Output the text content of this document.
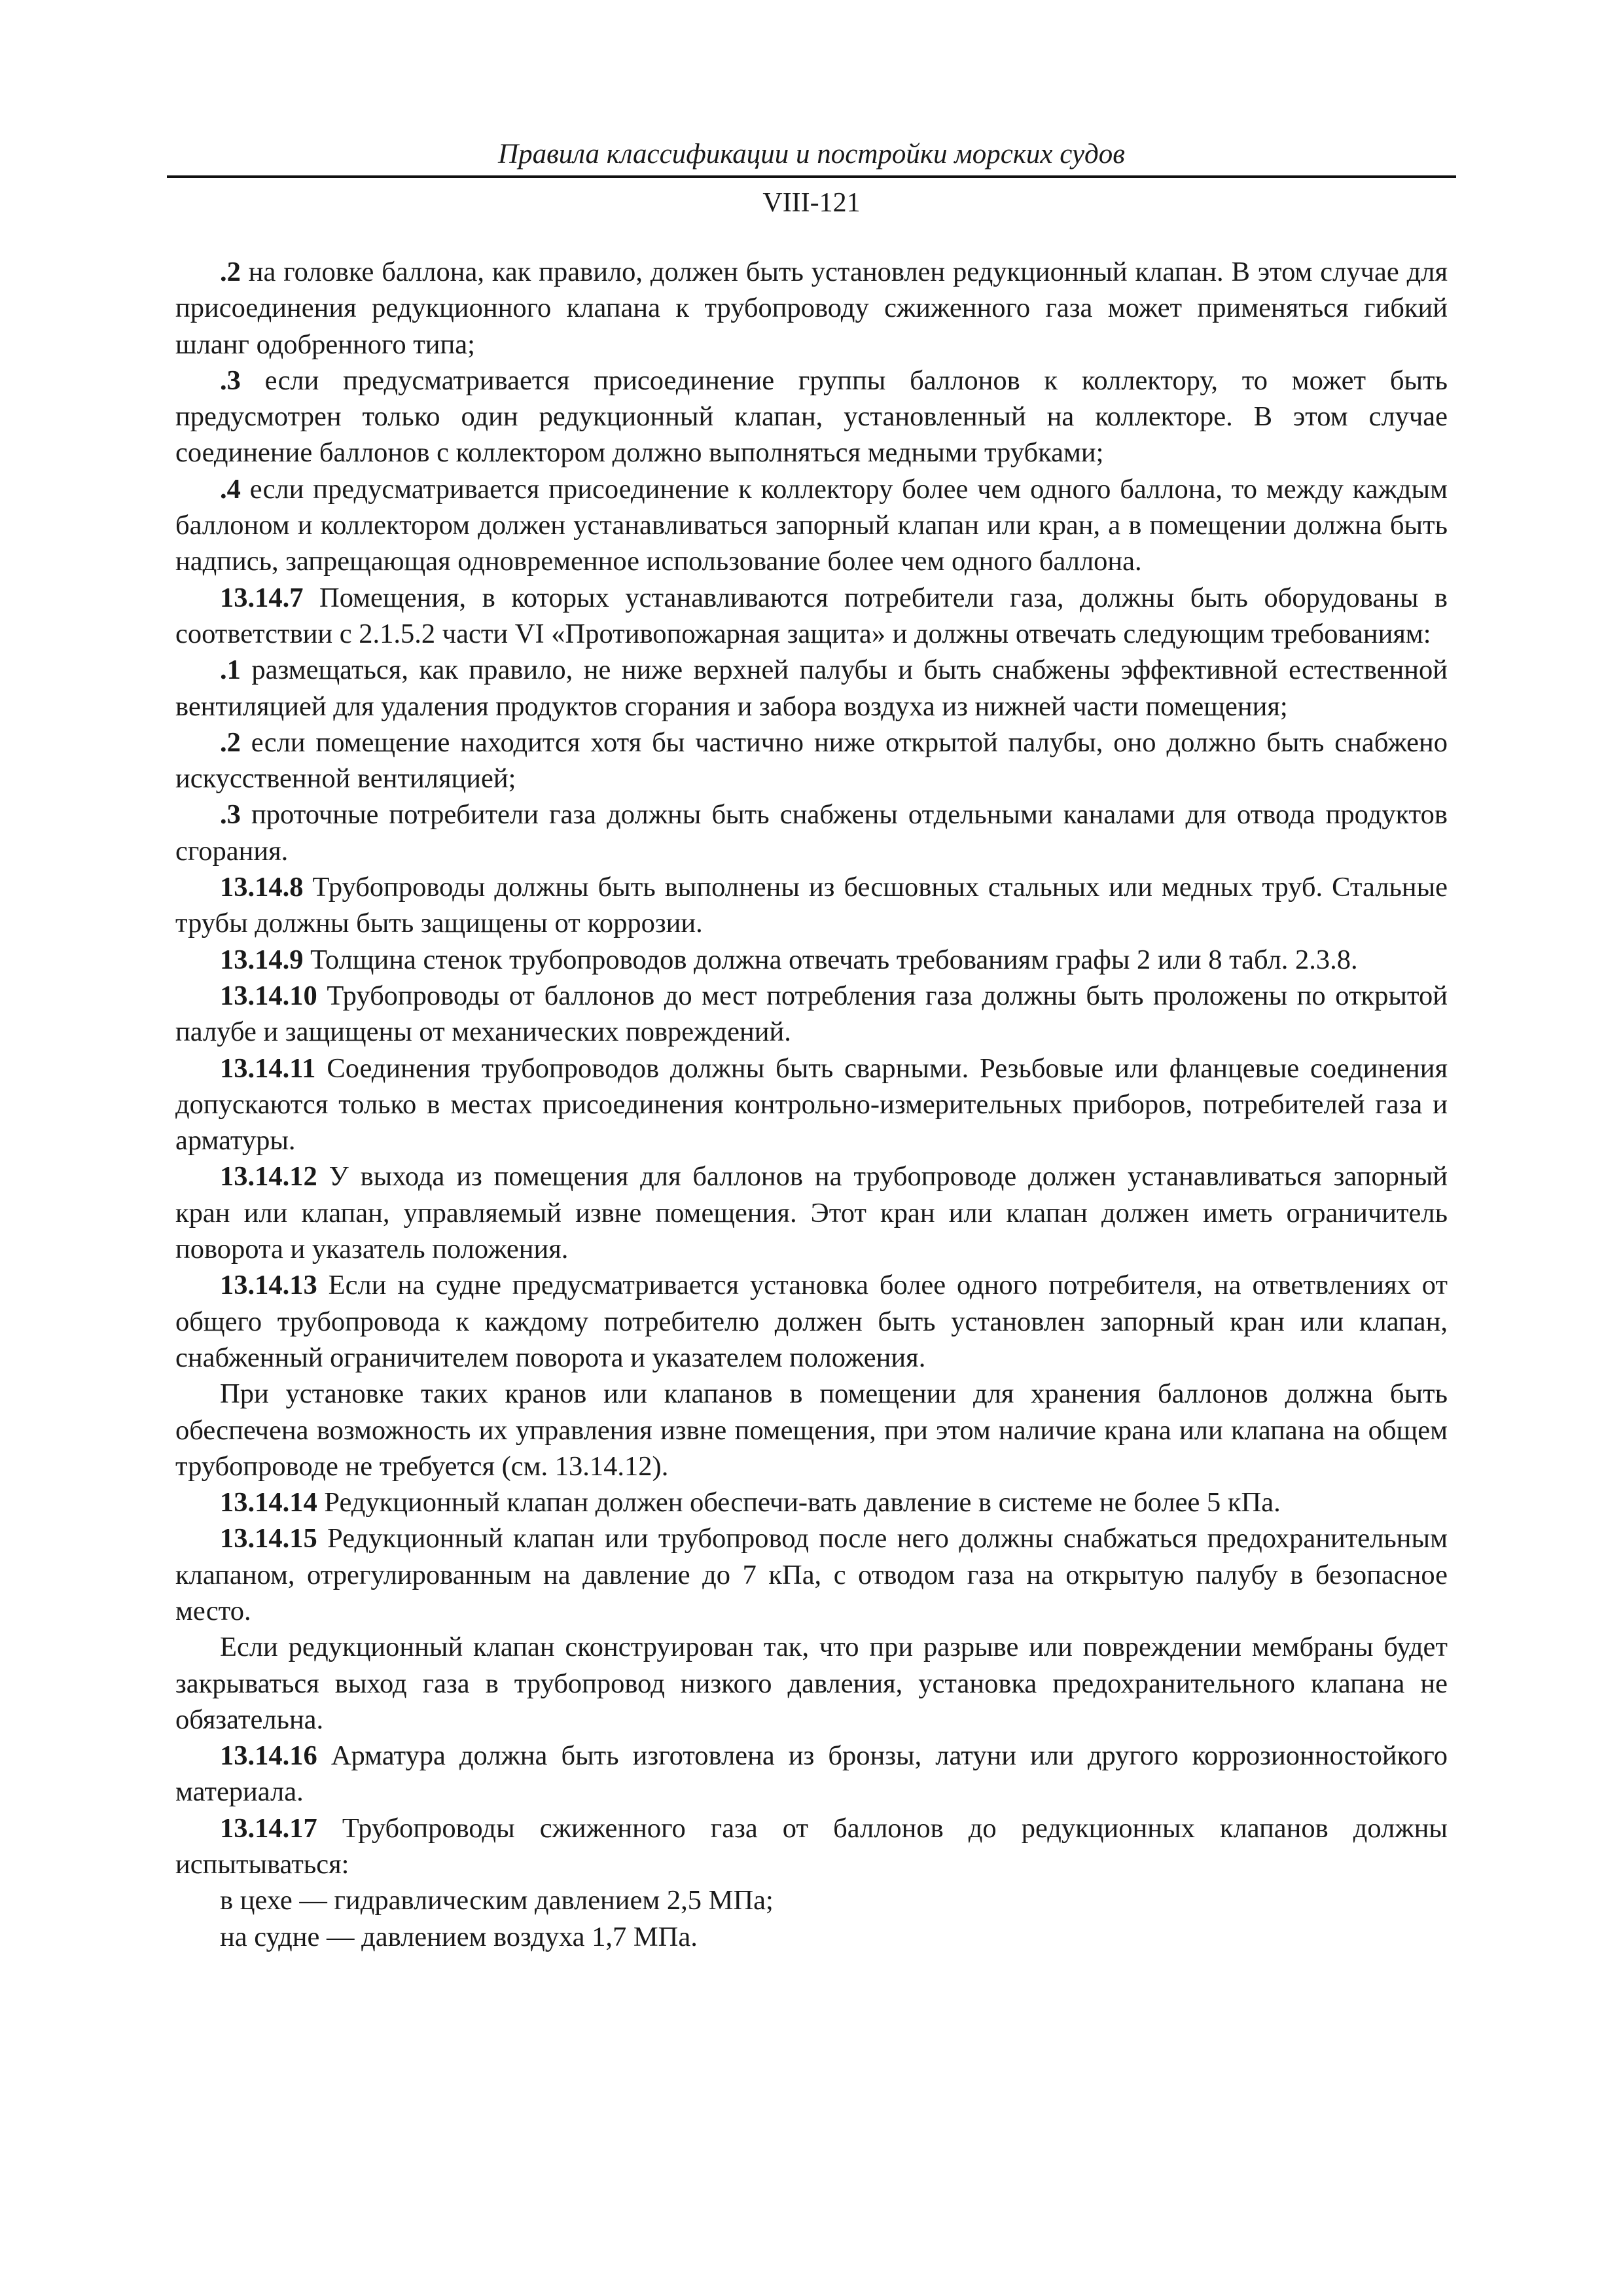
Правила классификации и постройки морских судов
VIII-121

.2 на головке баллона, как правило, должен быть установлен редукционный клапан. В этом случае для присоединения редукционного клапана к трубопроводу сжиженного газа может применяться гибкий шланг одобренного типа;

.3 если предусматривается присоединение группы баллонов к коллектору, то может быть предусмотрен только один редукционный клапан, установленный на коллекторе. В этом случае соединение баллонов с коллектором должно выполняться медными трубками;

.4 если предусматривается присоединение к коллектору более чем одного баллона, то между каждым баллоном и коллектором должен устанавливаться запорный клапан или кран, а в помещении должна быть надпись, запрещающая одновременное использование более чем одного баллона.

13.14.7 Помещения, в которых устанавливаются потребители газа, должны быть оборудованы в соответствии с 2.1.5.2 части VI «Противопожарная защита» и должны отвечать следующим требованиям:

.1 размещаться, как правило, не ниже верхней палубы и быть снабжены эффективной естественной вентиляцией для удаления продуктов сгорания и забора воздуха из нижней части помещения;

.2 если помещение находится хотя бы частично ниже открытой палубы, оно должно быть снабжено искусственной вентиляцией;

.3 проточные потребители газа должны быть снабжены отдельными каналами для отвода продуктов сгорания.

13.14.8 Трубопроводы должны быть выполнены из бесшовных стальных или медных труб. Стальные трубы должны быть защищены от коррозии.

13.14.9 Толщина стенок трубопроводов должна отвечать требованиям графы 2 или 8 табл. 2.3.8.

13.14.10 Трубопроводы от баллонов до мест потребления газа должны быть проложены по открытой палубе и защищены от механических повреждений.

13.14.11 Соединения трубопроводов должны быть сварными. Резьбовые или фланцевые соединения допускаются только в местах присоединения контрольно-измерительных приборов, потребителей газа и арматуры.

13.14.12 У выхода из помещения для баллонов на трубопроводе должен устанавливаться запорный кран или клапан, управляемый извне помещения. Этот кран или клапан должен иметь ограничитель поворота и указатель положения.

13.14.13 Если на судне предусматривается установка более одного потребителя, на ответвлениях от общего трубопровода к каждому потребителю должен быть установлен запорный кран или клапан, снабженный ограничителем поворота и указателем положения.

При установке таких кранов или клапанов в помещении для хранения баллонов должна быть обеспечена возможность их управления извне помещения, при этом наличие крана или клапана на общем трубопроводе не требуется (см. 13.14.12).

13.14.14 Редукционный клапан должен обеспечи-вать давление в системе не более 5 кПа.

13.14.15 Редукционный клапан или трубопровод после него должны снабжаться предохранительным клапаном, отрегулированным на давление до 7 кПа, с отводом газа на открытую палубу в безопасное место.

Если редукционный клапан сконструирован так, что при разрыве или повреждении мембраны будет закрываться выход газа в трубопровод низкого давления, установка предохранительного клапана не обязательна.

13.14.16 Арматура должна быть изготовлена из бронзы, латуни или другого коррозионностойкого материала.

13.14.17 Трубопроводы сжиженного газа от баллонов до редукционных клапанов должны испытываться:

в цехе — гидравлическим давлением 2,5 МПа;

на судне — давлением воздуха 1,7 МПа.
